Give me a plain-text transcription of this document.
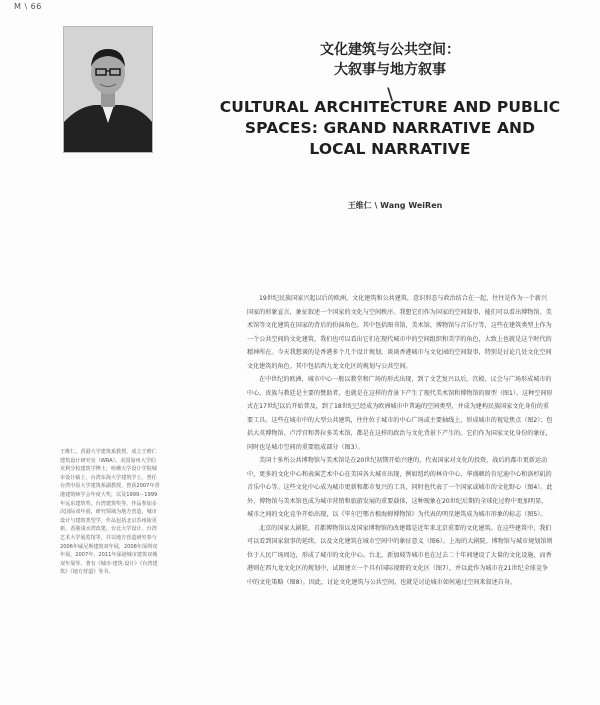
M \ 66
文化建筑与公共空间：
大叙事与地方叙事
\
CULTURAL ARCHITECTURE AND PUBLIC
SPACES: GRAND NARRATIVE AND
LOCAL NARRATIVE
王维仁 \ Wang WeiRen

王维仁，香港大学建筑系教授，成立王维仁建筑设计研究室（WRA）。美国加州大学伯克利分校建筑学博士，哈佛大学设计学院城市设计硕士，台湾东海大学建筑学士。曾任台湾中原大学建筑系副教授，曾获2007年香港建筑师学会年度大奖，以及1999－1999年远东建筑奖、台湾建筑奖等，作品参加多次国际双年展，研究领域为地方营造、城市设计与建筑类型学，作品包括北京苏州街更新、香港浅水湾改建、台北大学设计、台湾艺术大学展览馆等，并以地方营造研究参与2006年威尼斯建筑双年展，2008年深圳双年展，2007年、2011年深港城市建筑双城双年展等。著有《城市·建筑·设计》《台湾建筑》《地方营造》等书。

19世纪民族国家兴起以后的欧洲，文化建筑和公共建筑，意识形态与政治结合在一起，往往是作为一个新兴国家的形象宣言，象征叙述一个国家的文化与空间秩序。我想它们作为国家的空间叙事，能们可以看出博物馆、美术馆等文化建筑在国家的背后的扮演角色。其中包括图书馆、美术馆、博物馆与音乐厅等，这些在建筑类型上作为一个公共空间的文化建筑，我们也可以看出它们在现代城市中的空间组织和美学的角色，大致上也就是这个时代的精神所在。今天我想谈的是香港多个几个设计规划，谈谈香港城市与文化园的空间叙事，特别是讨论几处文化空间文化建筑的角色。其中包括西九龙文化区的规划与公共空间。

在中世纪的欧洲，城市中心一般以教堂和广场的形式出现，到了文艺复兴以后，宫殿、议会与广场形成城市的中心，贵族与教廷是主要的赞助者，也就是在这样的背景下产生了现代美术馆和博物馆的原型（图1）。这种空间形式在17世纪以后开始普及，到了18世纪已经成为欧洲城市中普遍的空间类型，并成为建构民族国家文化身份的重要工具。这些在城市中的大型公共建筑，往往位于城市的中心广场或主要轴线上，形成城市的视觉焦点（图2）；包括大英博物馆、卢浮宫和普拉多美术馆，都是在这样的政治与文化背景下产生的。它们作为国家文化身份的象征，同时也是城市空间的重要组成部分（图3）。

美国十多所公共博物馆与美术馆是在20世纪初期开始兴建的，代表国家对文化的投资。战后的都市更新运动中，更多的文化中心和表演艺术中心在美国各大城市出现，例如纽约的林肯中心、华盛顿的肯尼迪中心和洛杉矶的音乐中心等。这些文化中心成为城市更新和都市复兴的工具，同时也代表了一个国家或城市的文化野心（图4）。此外，博物馆与美术馆也成为城市营销和旅游发展的重要载体，这种现象在20世纪后期的全球化过程中更加明显，城市之间的文化竞争开始出现，以《毕尔巴鄂古根海姆博物馆》为代表的明星建筑成为城市形象的标志（图5）。

北京的国家大剧院、首都博物馆以及国家博物馆的改建都是近年来北京重要的文化建筑。在这些建筑中，我们可以看到国家叙事的延续，以及文化建筑在城市空间中的象征意义（图6）。上海的大剧院、博物馆与城市规划馆则位于人民广场周边，形成了城市的文化中心。台北、新加坡等城市也在过去二十年间建设了大量的文化设施，而香港则在西九龙文化区的规划中，试图建立一个具有国际视野的文化区（图7），并以此作为城市在21世纪全球竞争中的文化策略（图8）。因此，讨论文化建筑与公共空间，也就是讨论城市如何通过空间来叙述自身。
